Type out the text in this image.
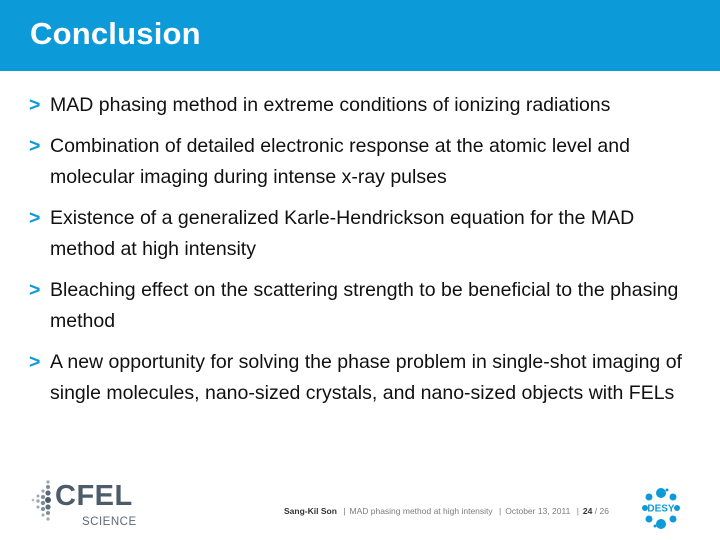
Conclusion
> MAD phasing method in extreme conditions of ionizing radiations
> Combination of detailed electronic response at the atomic level and molecular imaging during intense x-ray pulses
> Existence of a generalized Karle-Hendrickson equation for the MAD method at high intensity
> Bleaching effect on the scattering strength to be beneficial to the phasing method
> A new opportunity for solving the phase problem in single-shot imaging of single molecules, nano-sized crystals, and nano-sized objects with FELs
CFEL
SCIENCE
Sang-Kil Son | MAD phasing method at high intensity | October 13, 2011 | 24 / 26	DESY
